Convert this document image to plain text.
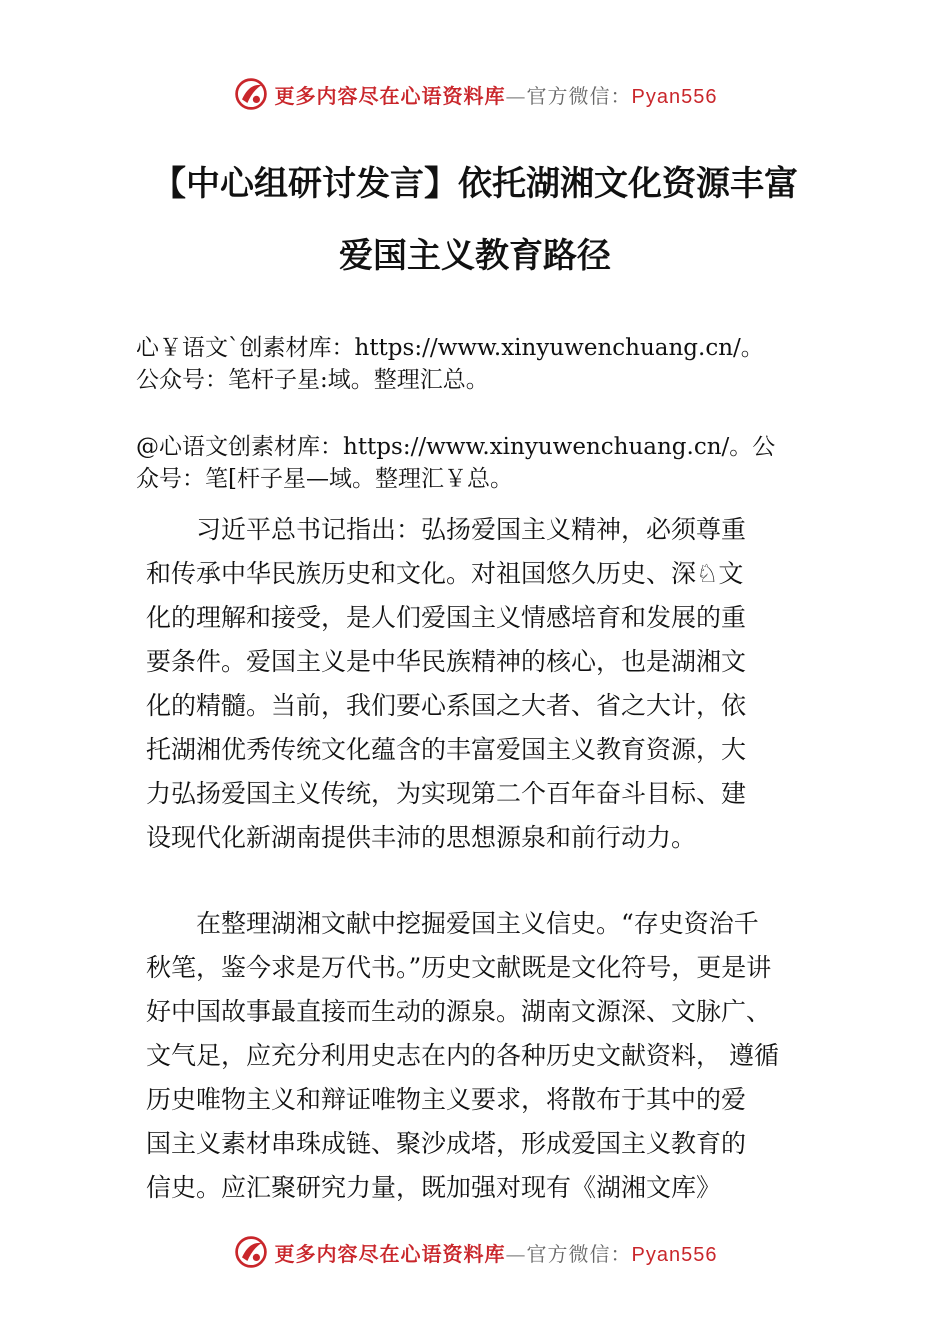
更多内容尽在心语资料库—官方微信：Pyan556
【中心组研讨发言】依托湖湘文化资源丰富
爱国主义教育路径
心￥语文`创素材库：https://www.xinyuwenchuang.cn/。
公众号：笔杆子星:域。整理汇总。
@心语文创素材库：https://www.xinyuwenchuang.cn/。公
众号：笔[杆子星—域。整理汇￥总。
　　习近平总书记指出：弘扬爱国主义精神，必须尊重
和传承中华民族历史和文化。对祖国悠久历史、深♘文
化的理解和接受，是人们爱国主义情感培育和发展的重
要条件。爱国主义是中华民族精神的核心，也是湖湘文
化的精髓。当前，我们要心系国之大者、省之大计，依
托湖湘优秀传统文化蕴含的丰富爱国主义教育资源，大
力弘扬爱国主义传统，为实现第二个百年奋斗目标、建
设现代化新湖南提供丰沛的思想源泉和前行动力。
　　在整理湖湘文献中挖掘爱国主义信史。“存史资治千
秋笔，鉴今求是万代书。”历史文献既是文化符号，更是讲
好中国故事最直接而生动的源泉。湖南文源深、文脉广、
文气足，应充分利用史志在内的各种历史文献资料， 遵循
历史唯物主义和辩证唯物主义要求，将散布于其中的爱
国主义素材串珠成链、聚沙成塔，形成爱国主义教育的
信史。应汇聚研究力量，既加强对现有《湖湘文库》
更多内容尽在心语资料库—官方微信：Pyan556
